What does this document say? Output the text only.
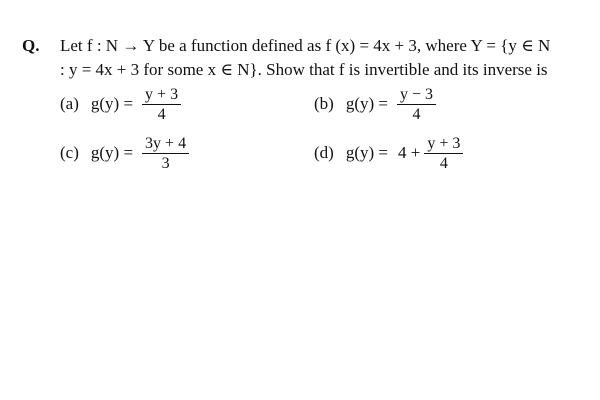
Q. Let f : N → Y be a function defined as f (x) = 4x + 3, where Y = {y ∈ N
: y = 4x + 3 for some x ∈ N}. Show that f is invertible and its inverse is
(a) $g(y) = \frac{y + 3}{4}$	(b) $g(y) = \frac{y - 3}{4}$
(c) $g(y) = \frac{3y + 4}{3}$	(d) $g(y) = 4 + \frac{y + 3}{4}$
